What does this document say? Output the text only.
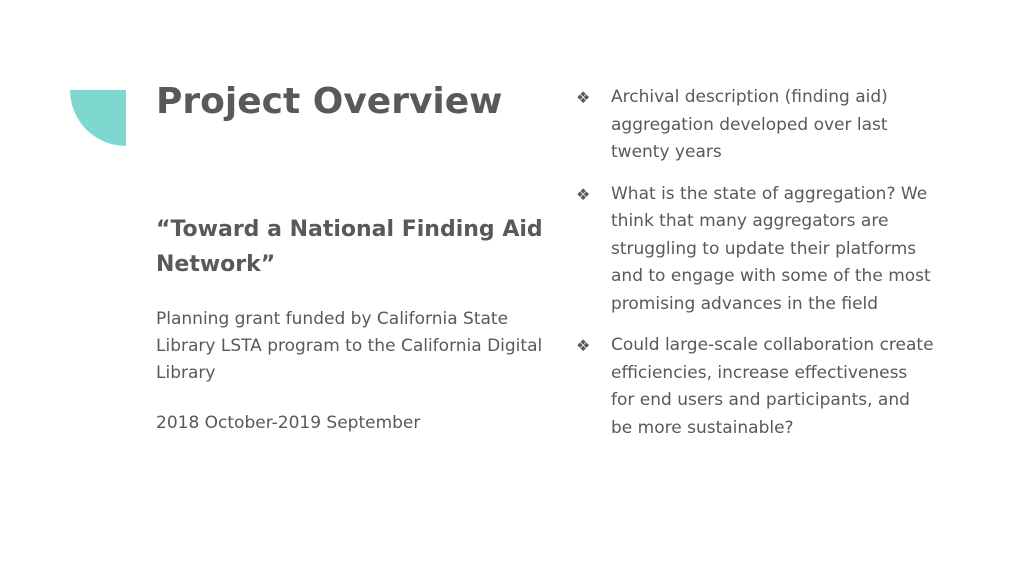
Project Overview
“Toward a National Finding Aid Network”

Planning grant funded by California State Library LSTA program to the California Digital Library

2018 October-2019 September

❖	Archival description (finding aid) aggregation developed over last twenty years
❖	What is the state of aggregation? We think that many aggregators are struggling to update their platforms and to engage with some of the most promising advances in the field
❖	Could large-scale collaboration create efficiencies, increase effectiveness for end users and participants, and be more sustainable?
